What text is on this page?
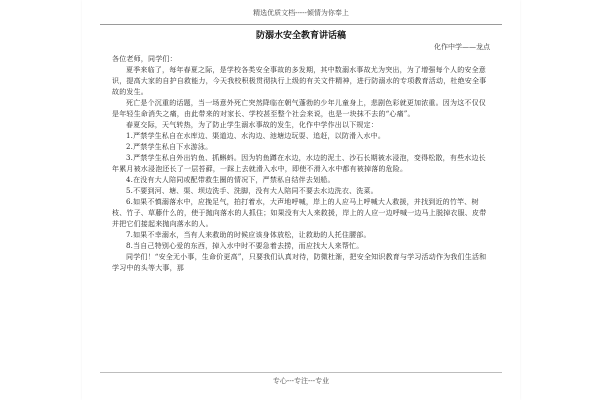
精选优质文档-----倾情为你奉上
防溺水安全教育讲话稿
化作中学——龙点

各位老师，同学们：

夏季来临了，每年春夏之际，是学校各类安全事故的多发期，其中数溺水事故尤为突出，为了增强每个人的安全意识，提高大家的自护自救能力，今天我校积极贯彻执行上级的有关文件精神，进行防溺水的专项教育活动，杜绝安全事故的发生。

死亡是个沉重的话题，当一场意外死亡突然降临在朝气蓬勃的少年儿童身上，悲剧色彩就更加浓重。因为这不仅仅是年轻生命消失之痛，由此带来的对家长、学校甚至整个社会来说，也是一块抹不去的“心痛”。

春夏交际，天气转热，为了防止学生溺水事故的发生，化作中学作出以下规定：

1.严禁学生私自在水库边、渠道边、水沟边、池塘边玩耍、追赶，以防滑入水中。

2.严禁学生私自下水游泳。

3.严禁学生私自外出钓鱼、抓蝌蚪。因为钓鱼蹲在水边，水边的泥土、沙石长期被水浸泡，变得松散，有些水边长年累月被水浸泡还长了一层苔藓，一踩上去就滑入水中，即使不滑入水中都有被掉落的危险。

4.在没有大人陪同或配带救生圈的情况下，严禁私自结伴去划船。

5.不要到河、塘、渠、坝边洗手、洗脚，没有大人陪同不要去水边洗衣、洗菜。

6.如果不慎溺落水中，应挽足气，拍打着水，大声地呼喊，岸上的人应马上呼喊大人救援，并找到近的竹竿、树枝、竹子、草藤什么的，使于抛向落水的人抓住；如果没有大人来救援，岸上的人应一边呼喊一边马上脱掉衣服、皮带并把它们接起来抛向落水的人。

7.如果不幸溺水，当有人来救助的时候应该身体放松，让救助的人托住腰部。

8.当自己特别心爱的东西，掉入水中时不要急着去捞，而应找大人来帮忙。

同学们！“安全无小事，生命价更高”，只要我们认真对待，防微杜渐，把安全知识教育与学习活动作为我们生活和学习中的头等大事，那

专心---专注---专业
